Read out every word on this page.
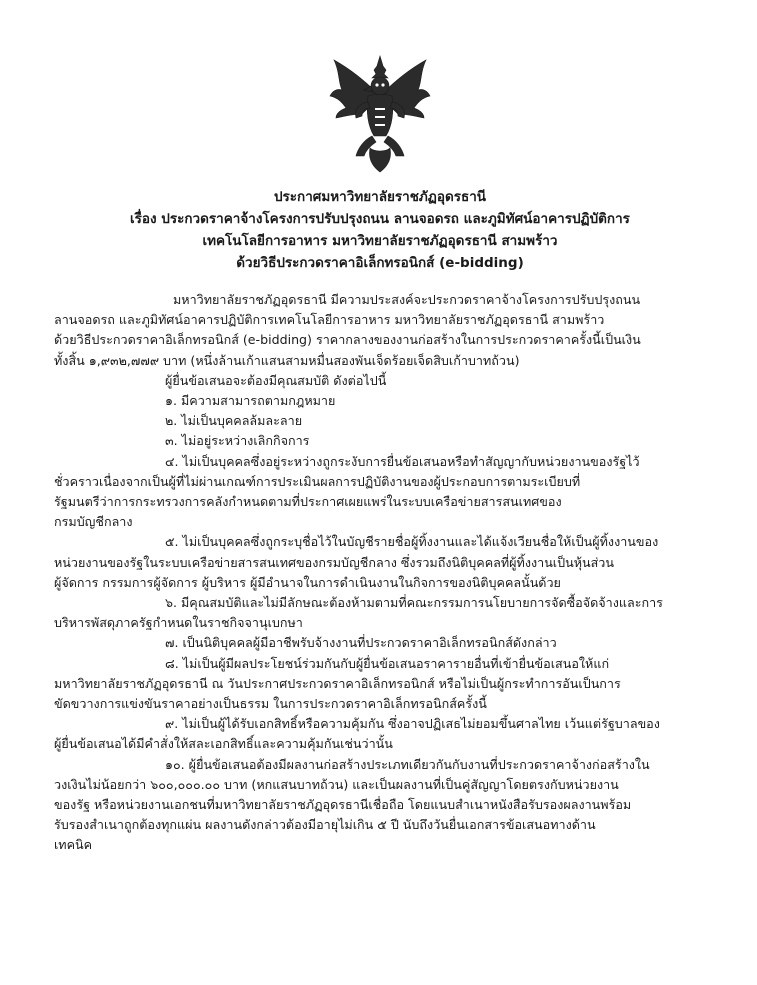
ประกาศมหาวิทยาลัยราชภัฏอุดรธานี
เรื่อง ประกวดราคาจ้างโครงการปรับปรุงถนน ลานจอดรถ และภูมิทัศน์อาคารปฏิบัติการ
เทคโนโลยีการอาหาร มหาวิทยาลัยราชภัฏอุดรธานี สามพร้าว
ด้วยวิธีประกวดราคาอิเล็กทรอนิกส์ (e-bidding)
มหาวิทยาลัยราชภัฏอุดรธานี มีความประสงค์จะประกวดราคาจ้างโครงการปรับปรุงถนน
ลานจอดรถ และภูมิทัศน์อาคารปฏิบัติการเทคโนโลยีการอาหาร มหาวิทยาลัยราชภัฏอุดรธานี สามพร้าว
ด้วยวิธีประกวดราคาอิเล็กทรอนิกส์ (e-bidding) ราคากลางของงานก่อสร้างในการประกวดราคาครั้งนี้เป็นเงิน
ทั้งสิ้น ๑,๙๓๒,๗๗๙ บาท (หนึ่งล้านเก้าแสนสามหมื่นสองพันเจ็ดร้อยเจ็ดสิบเก้าบาทถ้วน)
ผู้ยื่นข้อเสนอจะต้องมีคุณสมบัติ ดังต่อไปนี้
๑. มีความสามารถตามกฎหมาย
๒. ไม่เป็นบุคคลล้มละลาย
๓. ไม่อยู่ระหว่างเลิกกิจการ
๔. ไม่เป็นบุคคลซึ่งอยู่ระหว่างถูกระงับการยื่นข้อเสนอหรือทำสัญญากับหน่วยงานของรัฐไว้
ชั่วคราวเนื่องจากเป็นผู้ที่ไม่ผ่านเกณฑ์การประเมินผลการปฏิบัติงานของผู้ประกอบการตามระเบียบที่
รัฐมนตรีว่าการกระทรวงการคลังกำหนดตามที่ประกาศเผยแพร่ในระบบเครือข่ายสารสนเทศของ
กรมบัญชีกลาง
๕. ไม่เป็นบุคคลซึ่งถูกระบุชื่อไว้ในบัญชีรายชื่อผู้ทิ้งงานและได้แจ้งเวียนชื่อให้เป็นผู้ทิ้งงานของ
หน่วยงานของรัฐในระบบเครือข่ายสารสนเทศของกรมบัญชีกลาง ซึ่งรวมถึงนิติบุคคลที่ผู้ทิ้งงานเป็นหุ้นส่วน
ผู้จัดการ กรรมการผู้จัดการ ผู้บริหาร ผู้มีอำนาจในการดำเนินงานในกิจการของนิติบุคคลนั้นด้วย
๖. มีคุณสมบัติและไม่มีลักษณะต้องห้ามตามที่คณะกรรมการนโยบายการจัดซื้อจัดจ้างและการ
บริหารพัสดุภาครัฐกำหนดในราชกิจจานุเบกษา
๗. เป็นนิติบุคคลผู้มีอาชีพรับจ้างงานที่ประกวดราคาอิเล็กทรอนิกส์ดังกล่าว
๘. ไม่เป็นผู้มีผลประโยชน์ร่วมกันกับผู้ยื่นข้อเสนอราคารายอื่นที่เข้ายื่นข้อเสนอให้แก่
มหาวิทยาลัยราชภัฏอุดรธานี ณ วันประกาศประกวดราคาอิเล็กทรอนิกส์ หรือไม่เป็นผู้กระทำการอันเป็นการ
ขัดขวางการแข่งขันราคาอย่างเป็นธรรม ในการประกวดราคาอิเล็กทรอนิกส์ครั้งนี้
๙. ไม่เป็นผู้ได้รับเอกสิทธิ์หรือความคุ้มกัน ซึ่งอาจปฏิเสธไม่ยอมขึ้นศาลไทย เว้นแต่รัฐบาลของ
ผู้ยื่นข้อเสนอได้มีคำสั่งให้สละเอกสิทธิ์และความคุ้มกันเช่นว่านั้น
๑๐. ผู้ยื่นข้อเสนอต้องมีผลงานก่อสร้างประเภทเดียวกันกับงานที่ประกวดราคาจ้างก่อสร้างใน
วงเงินไม่น้อยกว่า ๖๐๐,๐๐๐.๐๐ บาท (หกแสนบาทถ้วน) และเป็นผลงานที่เป็นคู่สัญญาโดยตรงกับหน่วยงาน
ของรัฐ หรือหน่วยงานเอกชนที่มหาวิทยาลัยราชภัฏอุดรธานีเชื่อถือ โดยแนบสำเนาหนังสือรับรองผลงานพร้อม
รับรองสำเนาถูกต้องทุกแผ่น ผลงานดังกล่าวต้องมีอายุไม่เกิน ๕ ปี นับถึงวันยื่นเอกสารข้อเสนอทางด้าน
เทคนิค
